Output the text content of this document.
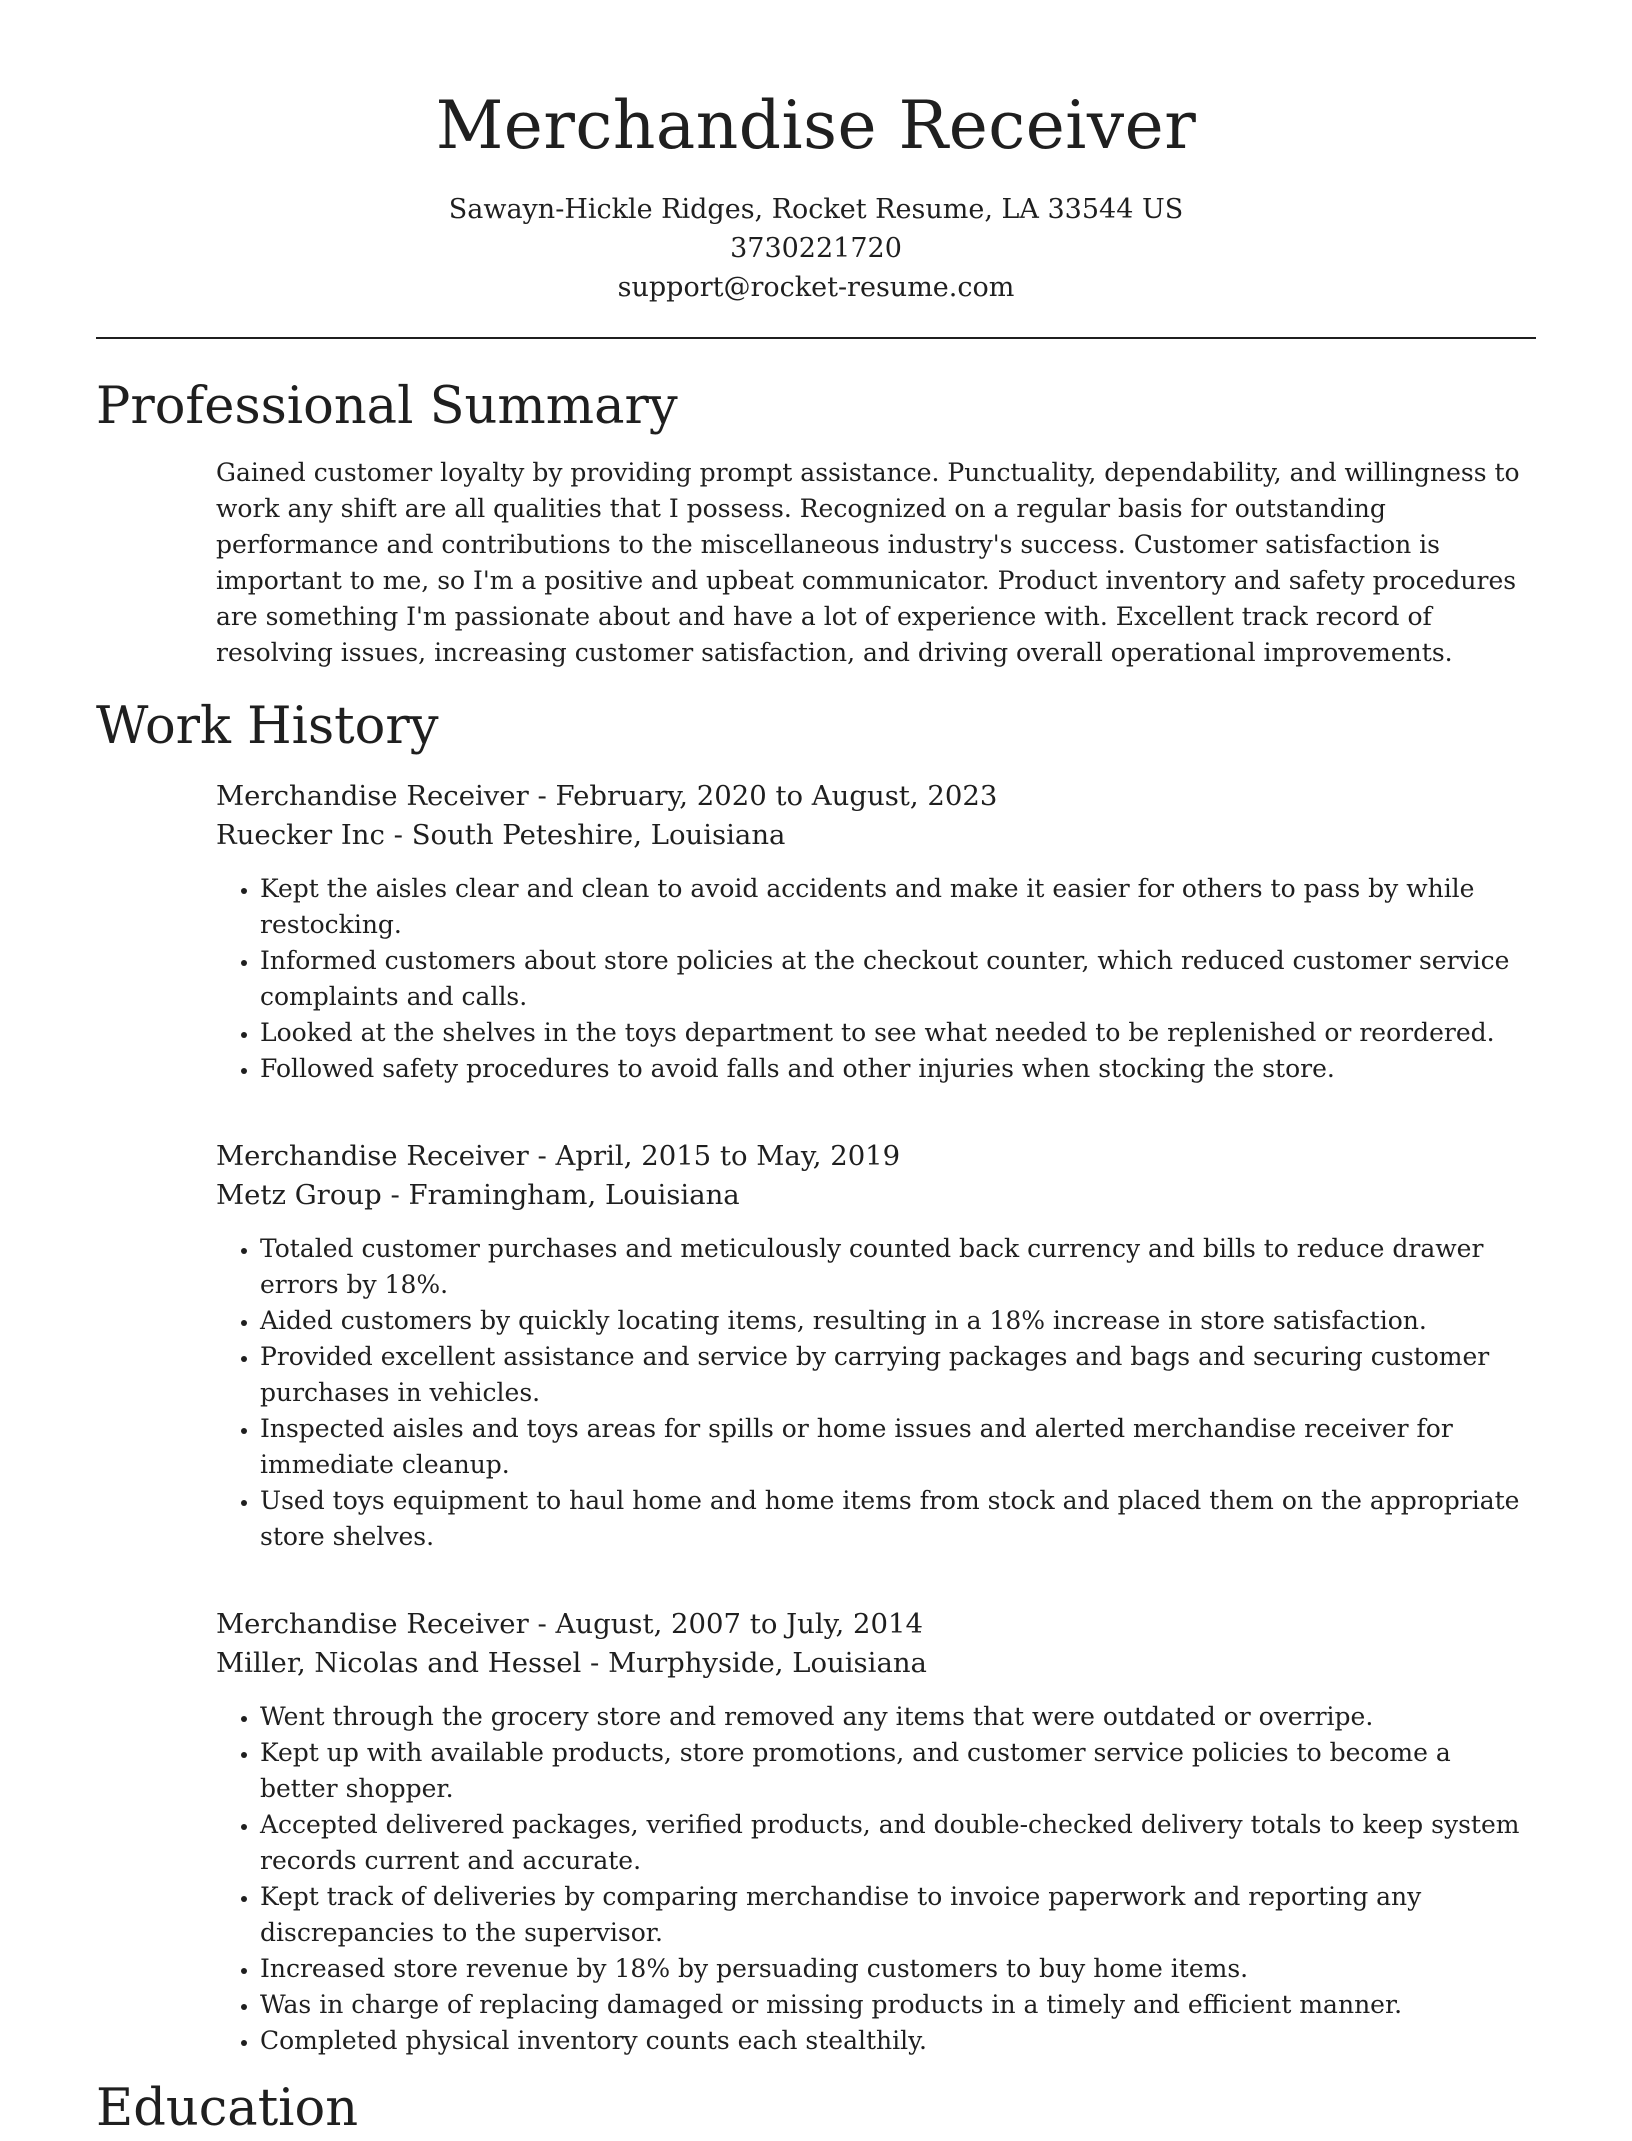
Merchandise Receiver
Sawayn-Hickle Ridges, Rocket Resume, LA 33544 US
3730221720
support@rocket-resume.com
Professional Summary
Gained customer loyalty by providing prompt assistance. Punctuality, dependability, and willingness to work any shift are all qualities that I possess. Recognized on a regular basis for outstanding performance and contributions to the miscellaneous industry's success. Customer satisfaction is important to me, so I'm a positive and upbeat communicator. Product inventory and safety procedures are something I'm passionate about and have a lot of experience with. Excellent track record of resolving issues, increasing customer satisfaction, and driving overall operational improvements.
Work History
Merchandise Receiver - February, 2020 to August, 2023
Ruecker Inc - South Peteshire, Louisiana
• Kept the aisles clear and clean to avoid accidents and make it easier for others to pass by while restocking.
• Informed customers about store policies at the checkout counter, which reduced customer service complaints and calls.
• Looked at the shelves in the toys department to see what needed to be replenished or reordered.
• Followed safety procedures to avoid falls and other injuries when stocking the store.
Merchandise Receiver - April, 2015 to May, 2019
Metz Group - Framingham, Louisiana
• Totaled customer purchases and meticulously counted back currency and bills to reduce drawer errors by 18%.
• Aided customers by quickly locating items, resulting in a 18% increase in store satisfaction.
• Provided excellent assistance and service by carrying packages and bags and securing customer purchases in vehicles.
• Inspected aisles and toys areas for spills or home issues and alerted merchandise receiver for immediate cleanup.
• Used toys equipment to haul home and home items from stock and placed them on the appropriate store shelves.
Merchandise Receiver - August, 2007 to July, 2014
Miller, Nicolas and Hessel - Murphyside, Louisiana
• Went through the grocery store and removed any items that were outdated or overripe.
• Kept up with available products, store promotions, and customer service policies to become a better shopper.
• Accepted delivered packages, verified products, and double-checked delivery totals to keep system records current and accurate.
• Kept track of deliveries by comparing merchandise to invoice paperwork and reporting any discrepancies to the supervisor.
• Increased store revenue by 18% by persuading customers to buy home items.
• Was in charge of replacing damaged or missing products in a timely and efficient manner.
• Completed physical inventory counts each stealthily.
Education
